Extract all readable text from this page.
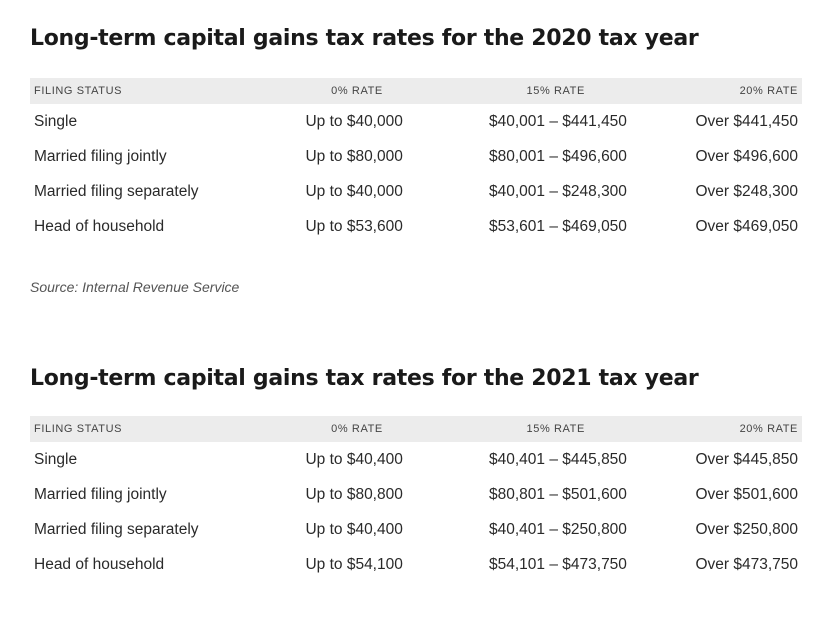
Long-term capital gains tax rates for the 2020 tax year
FILING STATUS	0% RATE	15% RATE	20% RATE
Single	Up to $40,000	$40,001 – $441,450	Over $441,450
Married filing jointly	Up to $80,000	$80,001 – $496,600	Over $496,600
Married filing separately	Up to $40,000	$40,001 – $248,300	Over $248,300
Head of household	Up to $53,600	$53,601 – $469,050	Over $469,050
Source: Internal Revenue Service
Long-term capital gains tax rates for the 2021 tax year
FILING STATUS	0% RATE	15% RATE	20% RATE
Single	Up to $40,400	$40,401 – $445,850	Over $445,850
Married filing jointly	Up to $80,800	$80,801 – $501,600	Over $501,600
Married filing separately	Up to $40,400	$40,401 – $250,800	Over $250,800
Head of household	Up to $54,100	$54,101 – $473,750	Over $473,750
